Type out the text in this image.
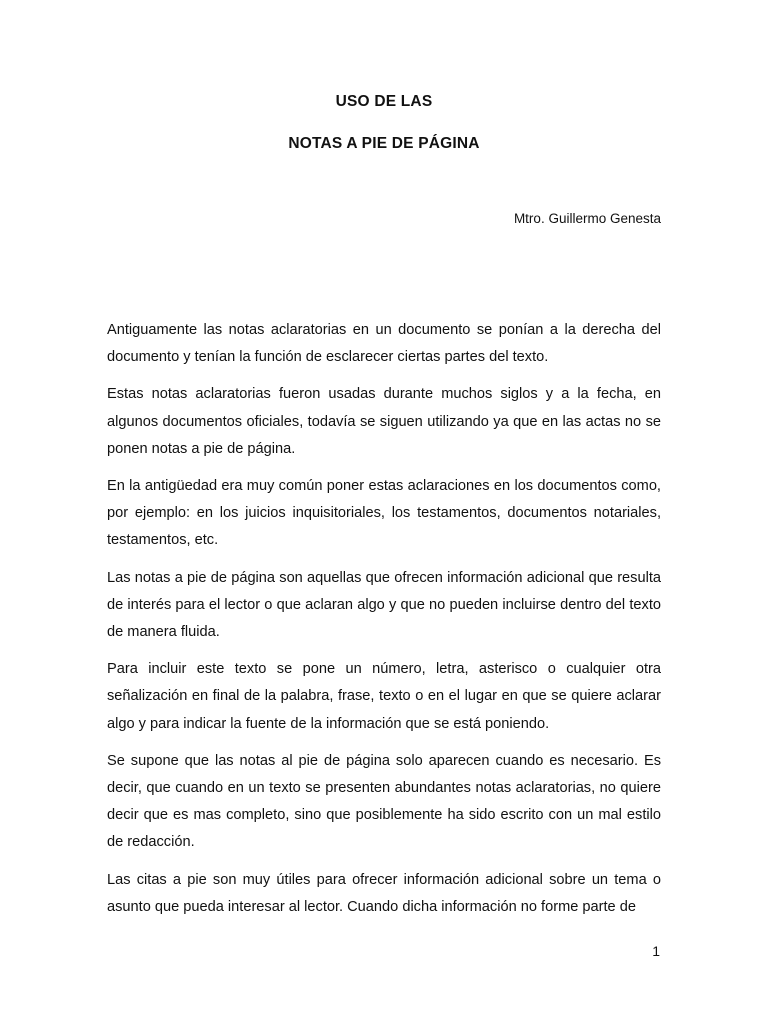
USO DE LAS
NOTAS A PIE DE PÁGINA
Mtro. Guillermo Genesta

Antiguamente las notas aclaratorias en un documento se ponían a la derecha del documento y tenían la función de esclarecer ciertas partes del texto.

Estas notas aclaratorias fueron usadas durante muchos siglos y a la fecha, en algunos documentos oficiales, todavía se siguen utilizando ya que en las actas no se ponen notas a pie de página.

En la antigüedad era muy común poner estas aclaraciones en los documentos como, por ejemplo: en los juicios inquisitoriales, los testamentos, documentos notariales, testamentos, etc.

Las notas a pie de página son aquellas que ofrecen información adicional que resulta de interés para el lector o que aclaran algo y que no pueden incluirse dentro del texto de manera fluida.

Para incluir este texto se pone un número, letra, asterisco o cualquier otra señalización en final de la palabra, frase, texto o en el lugar en que se quiere aclarar algo y para indicar la fuente de la información que se está poniendo.

Se supone que las notas al pie de página solo aparecen cuando es necesario. Es decir, que cuando en un texto se presenten abundantes notas aclaratorias, no quiere decir que es mas completo, sino que posiblemente ha sido escrito con un mal estilo de redacción.

Las citas a pie son muy útiles para ofrecer información adicional sobre un tema o asunto que pueda interesar al lector. Cuando dicha información no forme parte de

1
